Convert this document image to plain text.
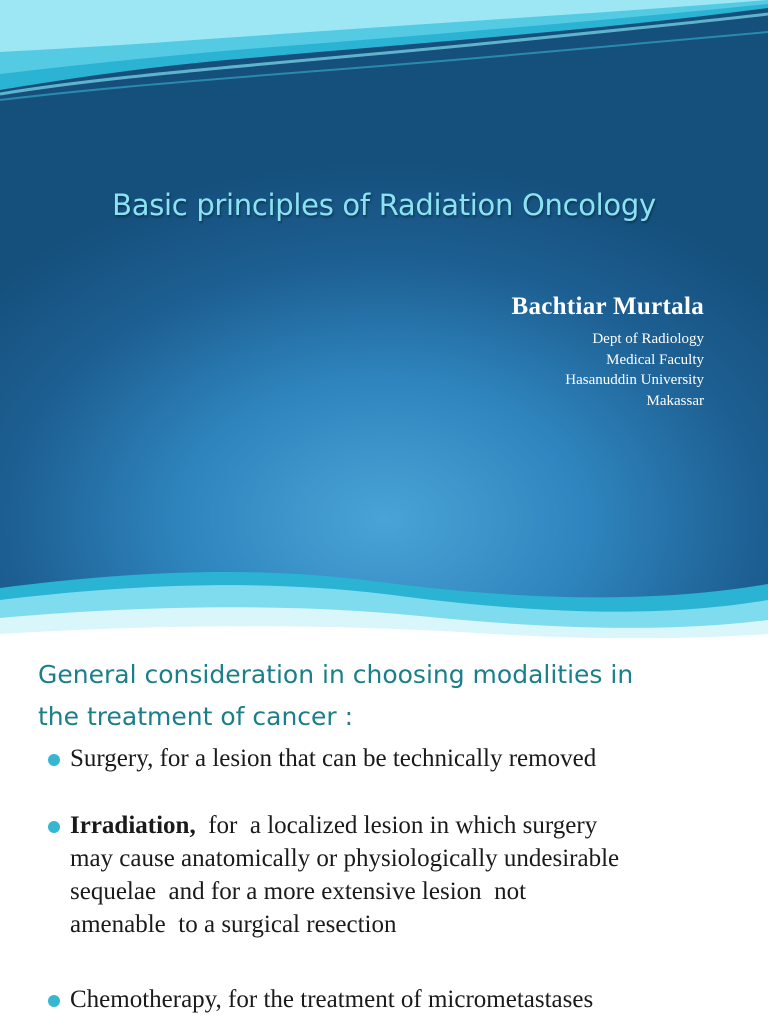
Basic principles of Radiation Oncology
Bachtiar Murtala
Dept of Radiology
Medical Faculty
Hasanuddin University
Makassar
General consideration in choosing modalities in
the treatment of cancer :
Surgery, for a lesion that can be technically removed
Irradiation,  for  a localized lesion in which surgery
may cause anatomically or physiologically undesirable
sequelae  and for a more extensive lesion  not
amenable  to a surgical resection
Chemotherapy, for the treatment of micrometastases
